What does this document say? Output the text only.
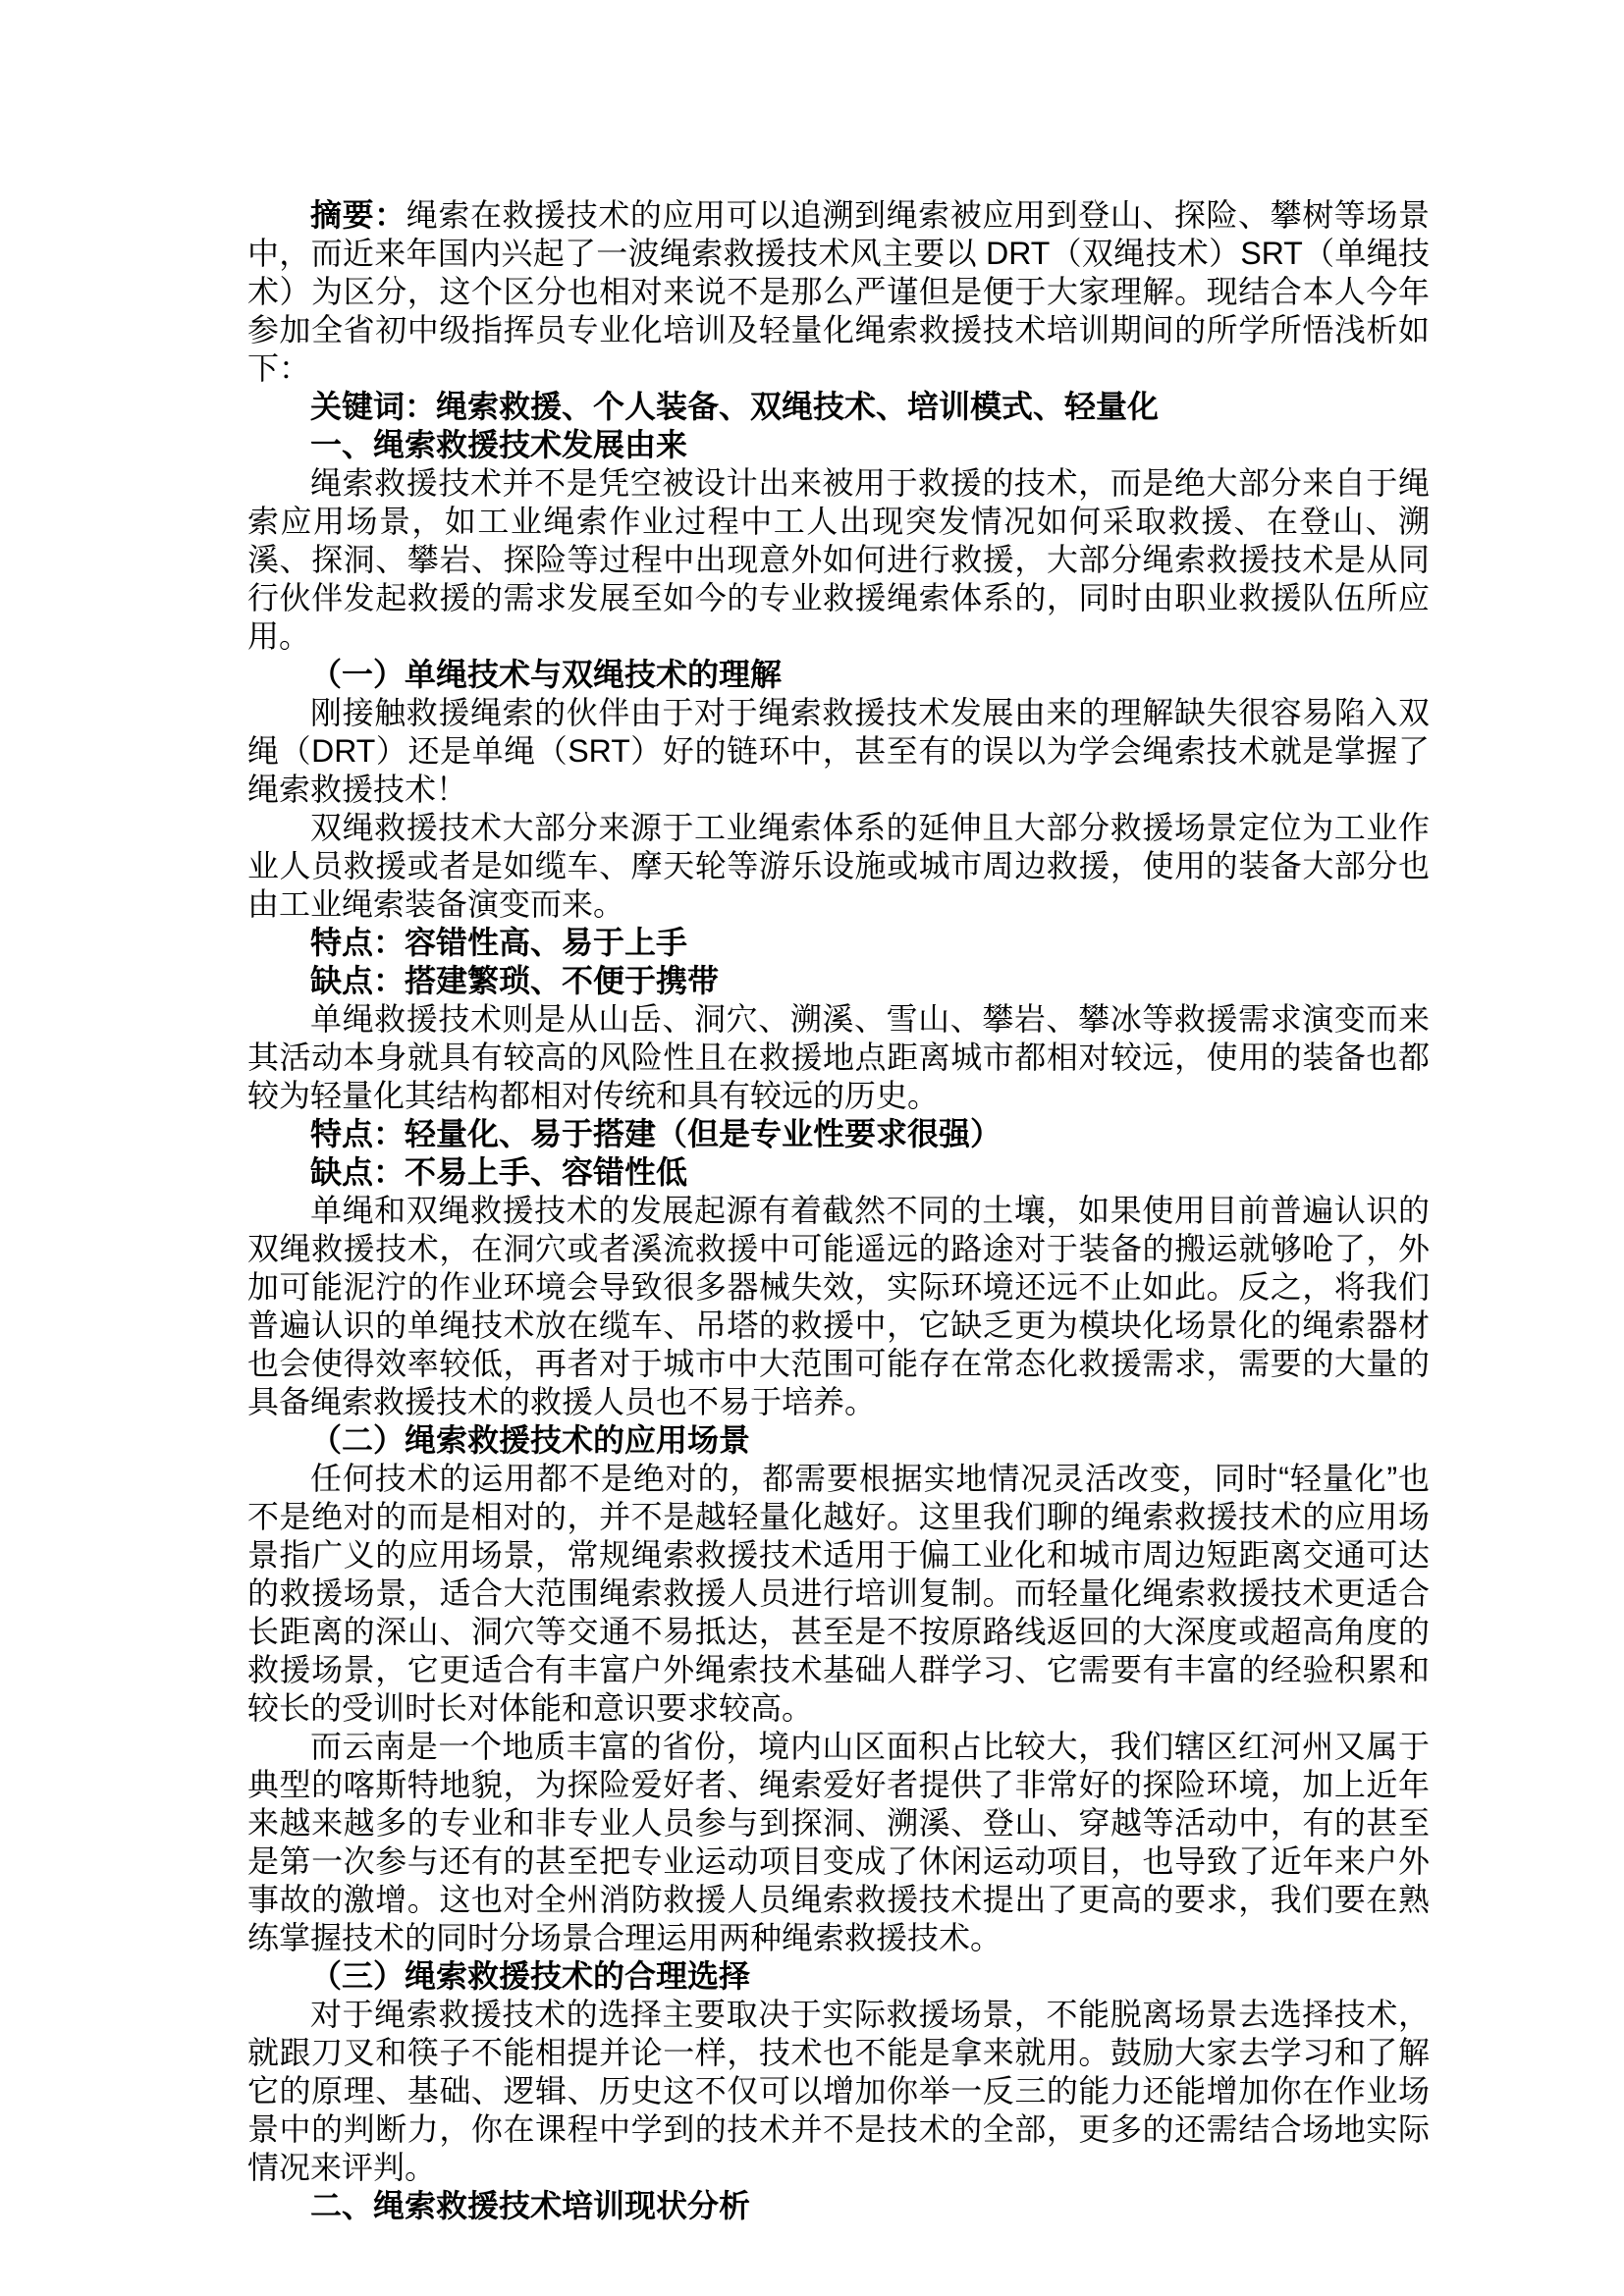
摘要：绳索在救援技术的应用可以追溯到绳索被应用到登山、探险、攀树等场景中，而近来年国内兴起了一波绳索救援技术风主要以 DRT（双绳技术）SRT（单绳技术）为区分，这个区分也相对来说不是那么严谨但是便于大家理解。现结合本人今年参加全省初中级指挥员专业化培训及轻量化绳索救援技术培训期间的所学所悟浅析如下：

关键词：绳索救援、个人装备、双绳技术、培训模式、轻量化

一、绳索救援技术发展由来

绳索救援技术并不是凭空被设计出来被用于救援的技术，而是绝大部分来自于绳索应用场景，如工业绳索作业过程中工人出现突发情况如何采取救援、在登山、溯溪、探洞、攀岩、探险等过程中出现意外如何进行救援，大部分绳索救援技术是从同行伙伴发起救援的需求发展至如今的专业救援绳索体系的，同时由职业救援队伍所应用。

（一）单绳技术与双绳技术的理解

刚接触救援绳索的伙伴由于对于绳索救援技术发展由来的理解缺失很容易陷入双绳（DRT）还是单绳（SRT）好的链环中，甚至有的误以为学会绳索技术就是掌握了绳索救援技术！

双绳救援技术大部分来源于工业绳索体系的延伸且大部分救援场景定位为工业作业人员救援或者是如缆车、摩天轮等游乐设施或城市周边救援，使用的装备大部分也由工业绳索装备演变而来。

特点：容错性高、易于上手

缺点：搭建繁琐、不便于携带

单绳救援技术则是从山岳、洞穴、溯溪、雪山、攀岩、攀冰等救援需求演变而来其活动本身就具有较高的风险性且在救援地点距离城市都相对较远，使用的装备也都较为轻量化其结构都相对传统和具有较远的历史。

特点：轻量化、易于搭建（但是专业性要求很强）

缺点：不易上手、容错性低

单绳和双绳救援技术的发展起源有着截然不同的土壤，如果使用目前普遍认识的双绳救援技术，在洞穴或者溪流救援中可能遥远的路途对于装备的搬运就够呛了，外加可能泥泞的作业环境会导致很多器械失效，实际环境还远不止如此。反之，将我们普遍认识的单绳技术放在缆车、吊塔的救援中，它缺乏更为模块化场景化的绳索器材也会使得效率较低，再者对于城市中大范围可能存在常态化救援需求，需要的大量的具备绳索救援技术的救援人员也不易于培养。

（二）绳索救援技术的应用场景

任何技术的运用都不是绝对的，都需要根据实地情况灵活改变，同时“轻量化”也不是绝对的而是相对的，并不是越轻量化越好。这里我们聊的绳索救援技术的应用场景指广义的应用场景，常规绳索救援技术适用于偏工业化和城市周边短距离交通可达的救援场景，适合大范围绳索救援人员进行培训复制。而轻量化绳索救援技术更适合长距离的深山、洞穴等交通不易抵达，甚至是不按原路线返回的大深度或超高角度的救援场景，它更适合有丰富户外绳索技术基础人群学习、它需要有丰富的经验积累和较长的受训时长对体能和意识要求较高。

而云南是一个地质丰富的省份，境内山区面积占比较大，我们辖区红河州又属于典型的喀斯特地貌，为探险爱好者、绳索爱好者提供了非常好的探险环境，加上近年来越来越多的专业和非专业人员参与到探洞、溯溪、登山、穿越等活动中，有的甚至是第一次参与还有的甚至把专业运动项目变成了休闲运动项目，也导致了近年来户外事故的激增。这也对全州消防救援人员绳索救援技术提出了更高的要求，我们要在熟练掌握技术的同时分场景合理运用两种绳索救援技术。

（三）绳索救援技术的合理选择

对于绳索救援技术的选择主要取决于实际救援场景，不能脱离场景去选择技术，就跟刀叉和筷子不能相提并论一样，技术也不能是拿来就用。鼓励大家去学习和了解它的原理、基础、逻辑、历史这不仅可以增加你举一反三的能力还能增加你在作业场景中的判断力，你在课程中学到的技术并不是技术的全部，更多的还需结合场地实际情况来评判。

二、绳索救援技术培训现状分析
